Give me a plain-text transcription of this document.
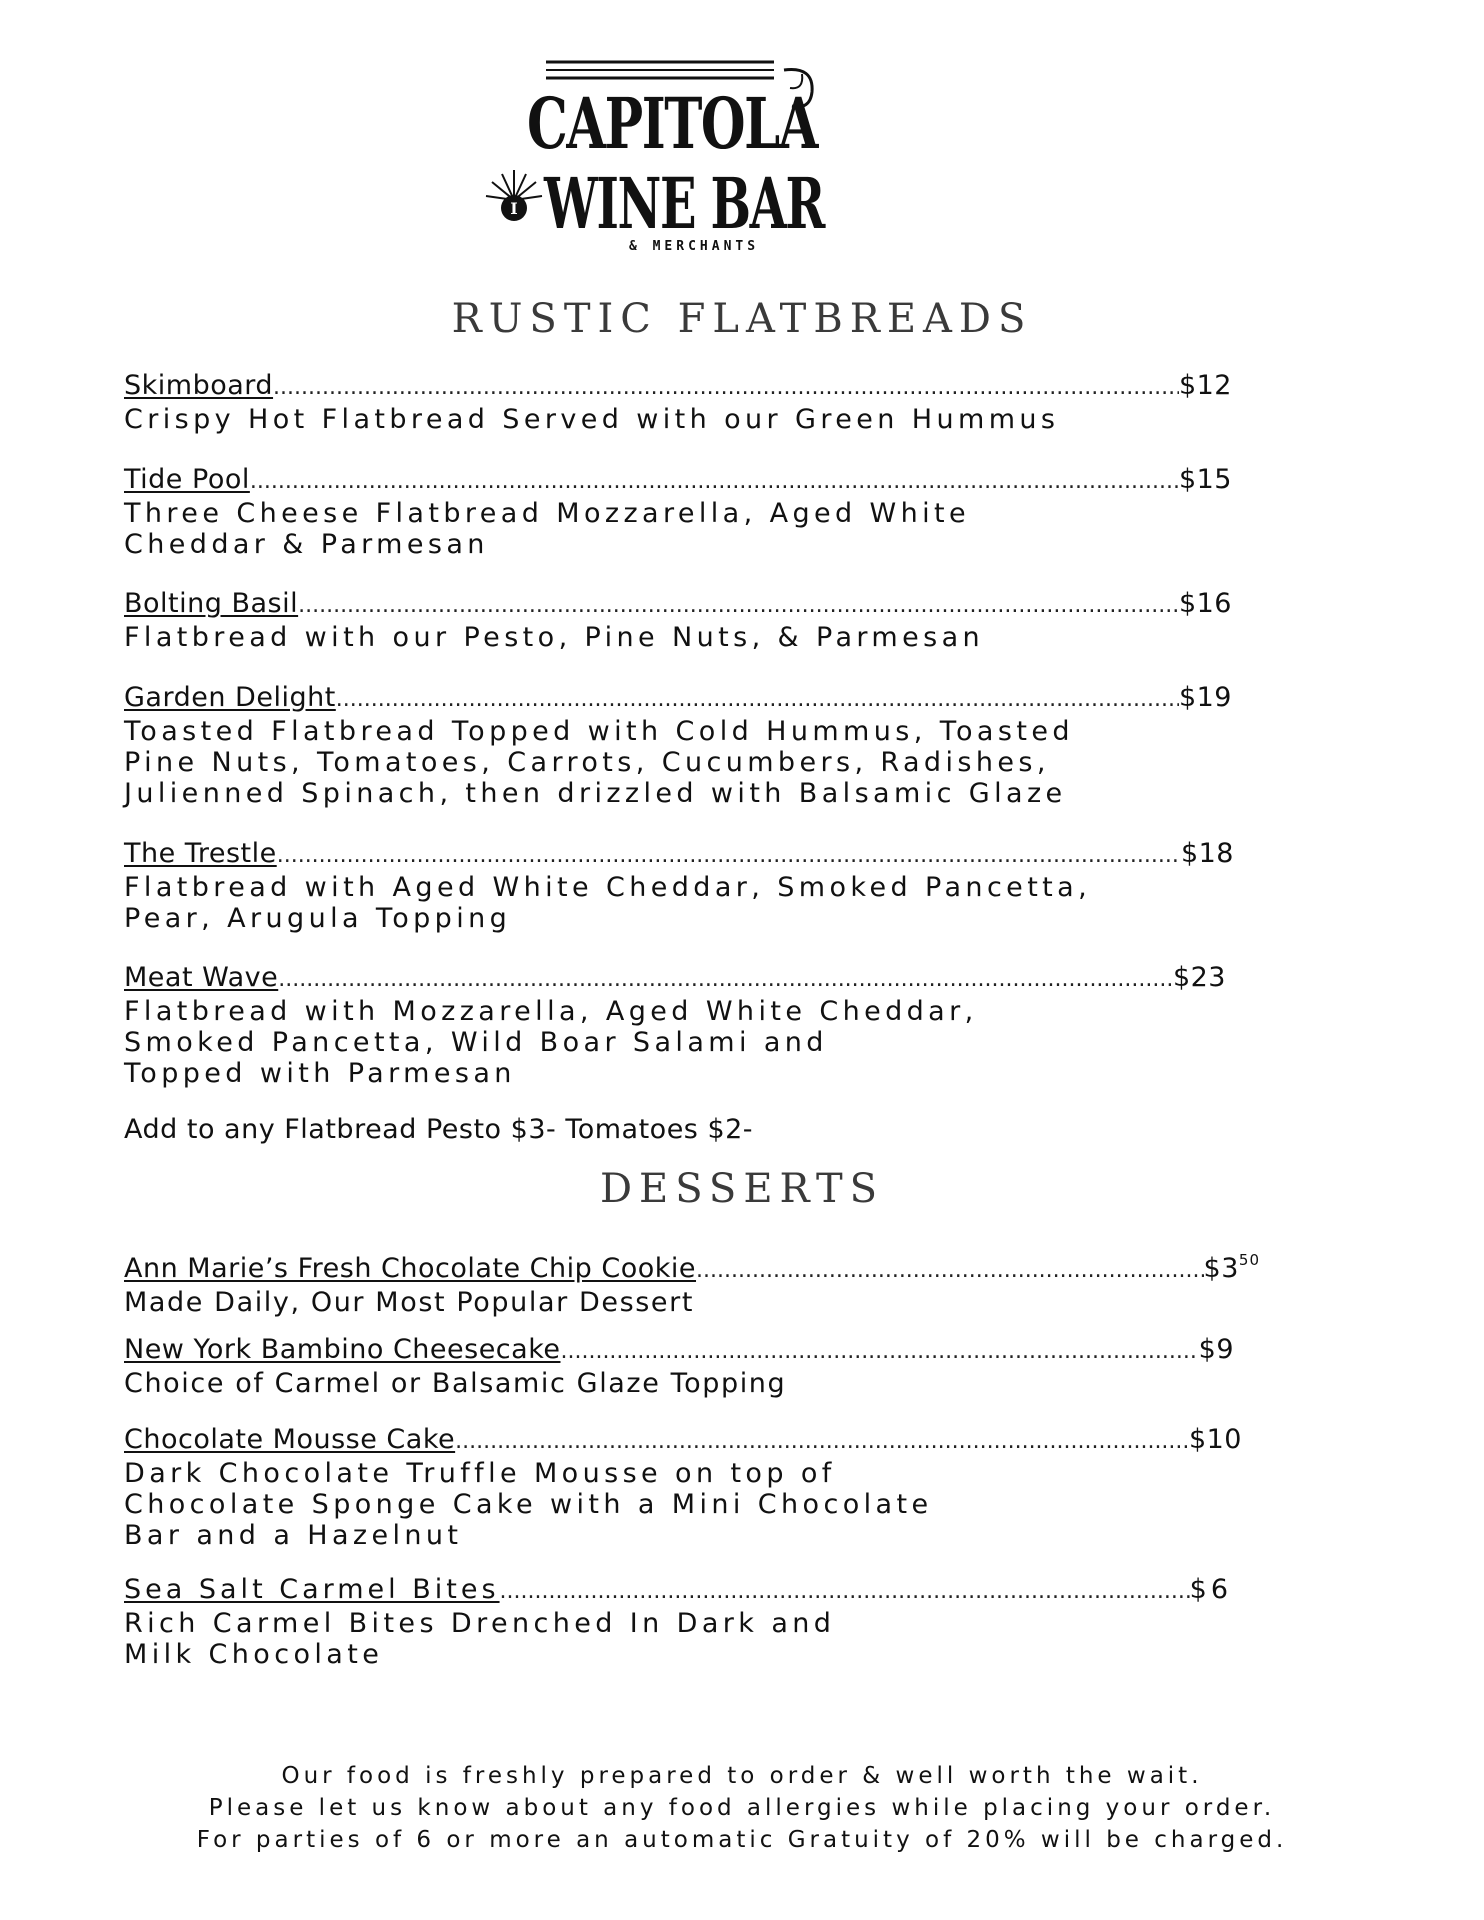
I
CAPITOLA
WINE BAR
& MERCHANTS
RUSTIC FLATBREADS
Skimboard .....	$12
Crispy Hot Flatbread Served with our Green Hummus
Tide Pool .....	$15
Three Cheese Flatbread Mozzarella, Aged White
Cheddar & Parmesan
Bolting Basil .....	$16
Flatbread with our Pesto, Pine Nuts, & Parmesan
Garden Delight .....	$19
Toasted Flatbread Topped with Cold Hummus, Toasted
Pine Nuts, Tomatoes, Carrots, Cucumbers, Radishes,
Julienned Spinach, then drizzled with Balsamic Glaze
The Trestle .....	$18
Flatbread with Aged White Cheddar, Smoked Pancetta,
Pear, Arugula Topping
Meat Wave .....	$23
Flatbread with Mozzarella, Aged White Cheddar,
Smoked Pancetta, Wild Boar Salami and
Topped with Parmesan
Add to any Flatbread Pesto $3- Tomatoes $2-
DESSERTS
Ann Marie’s Fresh Chocolate Chip Cookie .....	$\$3^{50}$
Made Daily, Our Most Popular Dessert
New York Bambino Cheesecake .....	$9
Choice of Carmel or Balsamic Glaze Topping
Chocolate Mousse Cake .....	$10
Dark Chocolate Truffle Mousse on top of
Chocolate Sponge Cake with a Mini Chocolate
Bar and a Hazelnut
Sea Salt Carmel Bites .....	$6
Rich Carmel Bites Drenched In Dark and
Milk Chocolate
Our food is freshly prepared to order & well worth the wait.
Please let us know about any food allergies while placing your order.
For parties of 6 or more an automatic Gratuity of 20% will be charged.
